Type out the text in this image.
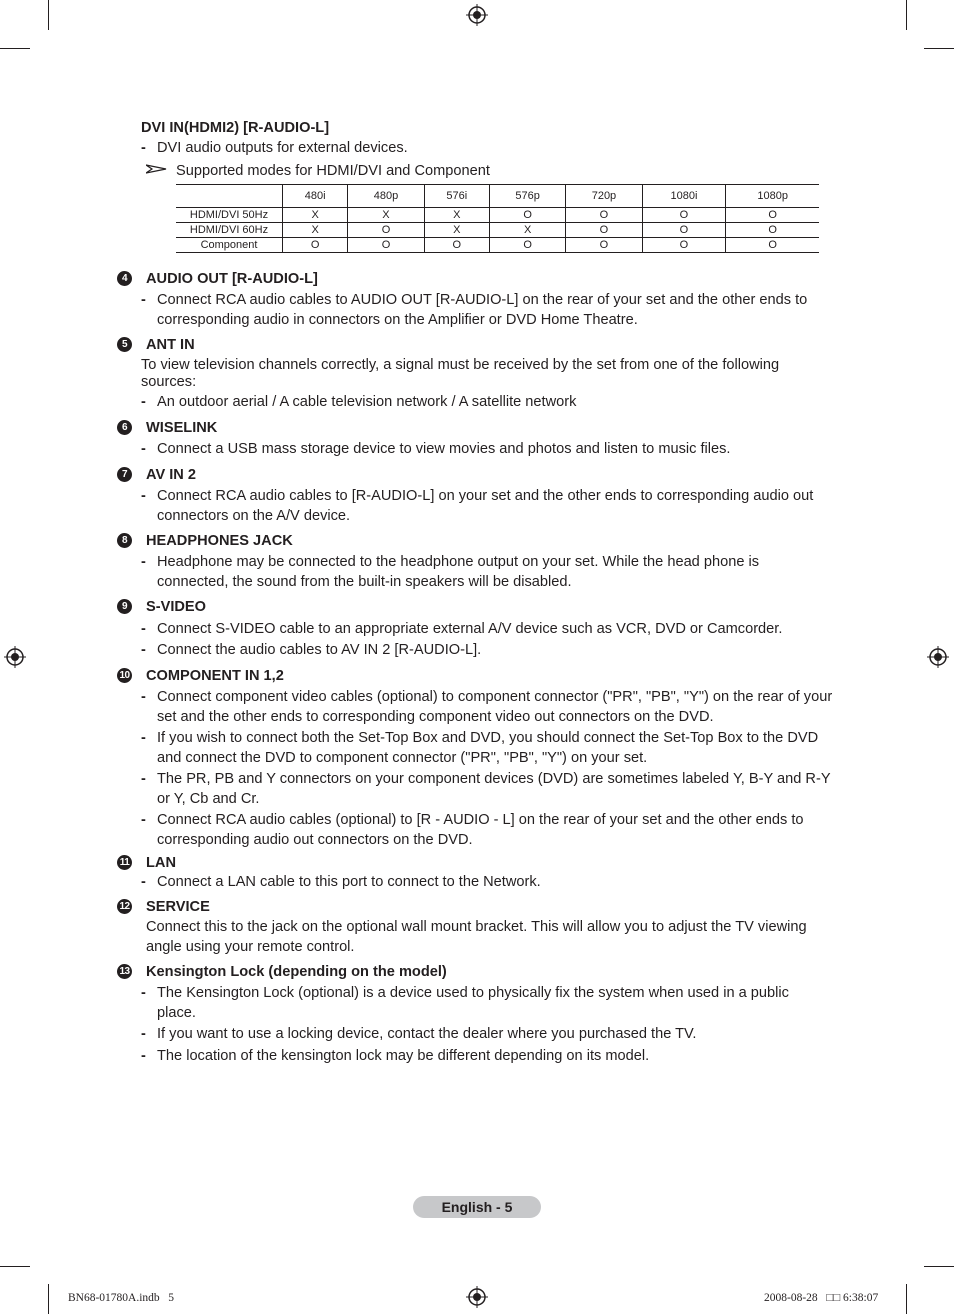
DVI IN(HDMI2) [R-AUDIO-L]
- DVI audio outputs for external devices.
Supported modes for HDMI/DVI and Component
	480i	480p	576i	576p	720p	1080i	1080p
HDMI/DVI 50Hz	X	X	X	O	O	O	O
HDMI/DVI 60Hz	X	O	X	X	O	O	O
Component	O	O	O	O	O	O	O
4	AUDIO OUT [R-AUDIO-L]
- Connect RCA audio cables to AUDIO OUT [R-AUDIO-L] on the rear of your set and the other ends to
corresponding audio in connectors on the Amplifier or DVD Home Theatre.
5	ANT IN
To view television channels correctly, a signal must be received by the set from one of the following
sources:
- An outdoor aerial / A cable television network / A satellite network
6	WISELINK
- Connect a USB mass storage device to view movies and photos and listen to music files.
7	AV IN 2
- Connect RCA audio cables to [R-AUDIO-L] on your set and the other ends to corresponding audio out
connectors on the A/V device.
8	HEADPHONES JACK
- Headphone may be connected to the headphone output on your set. While the head phone is
connected, the sound from the built-in speakers will be disabled.
9	S-VIDEO
- Connect S-VIDEO cable to an appropriate external A/V device such as VCR, DVD or Camcorder.
- Connect the audio cables to AV IN 2 [R-AUDIO-L].
10 COMPONENT IN 1,2
- Connect component video cables (optional) to component connector ("PR", "PB", "Y") on the rear of your
set and the other ends to corresponding component video out connectors on the DVD.
- If you wish to connect both the Set-Top Box and DVD, you should connect the Set-Top Box to the DVD
and connect the DVD to component connector ("PR", "PB", "Y") on your set.
- The PR, PB and Y connectors on your component devices (DVD) are sometimes labeled Y, B-Y and R-Y
or Y, Cb and Cr.
- Connect RCA audio cables (optional) to [R - AUDIO - L] on the rear of your set and the other ends to
corresponding audio out connectors on the DVD.
11 LAN
- Connect a LAN cable to this port to connect to the Network.
12 SERVICE
Connect this to the jack on the optional wall mount bracket. This will allow you to adjust the TV viewing
angle using your remote control.
13 Kensington Lock (depending on the model)
- The Kensington Lock (optional) is a device used to physically fix the system when used in a public
place.
- If you want to use a locking device, contact the dealer where you purchased the TV.
- The location of the kensington lock may be different depending on its model.
English - 5
BN68-01780A.indb   5	2008-08-28   □□ 6:38:07
